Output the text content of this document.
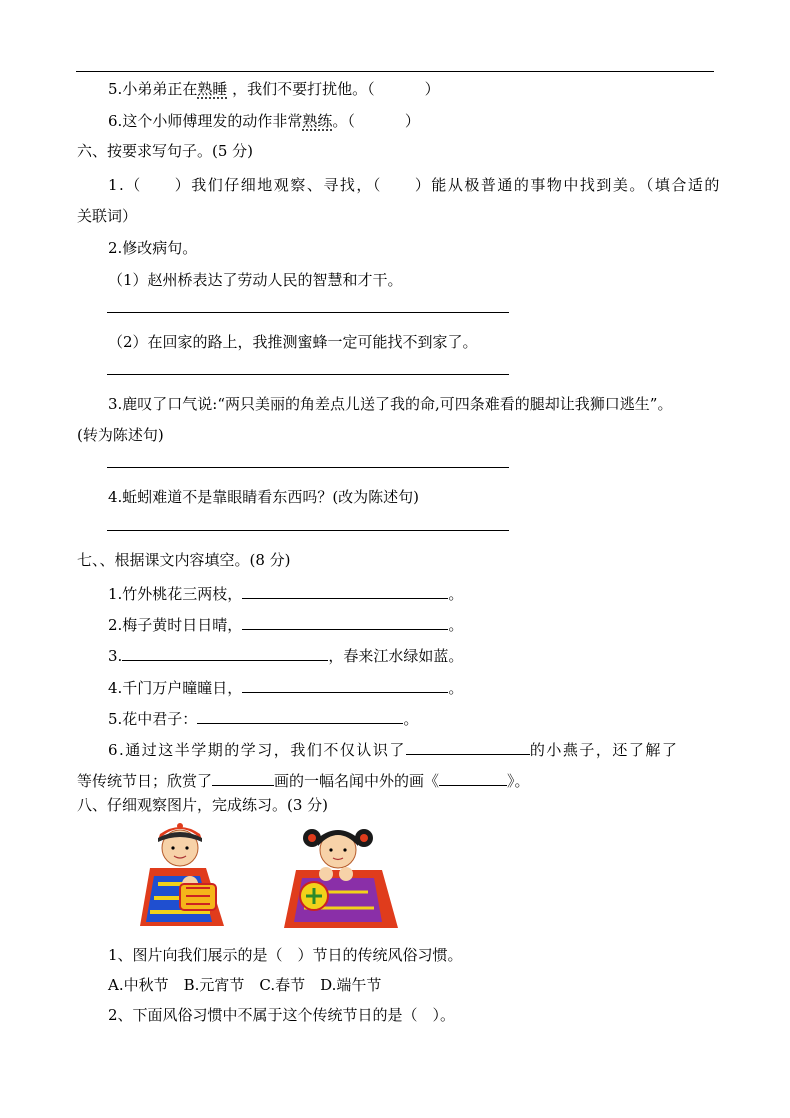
5.小弟弟正在熟睡 ，我们不要打扰他。（	）
6.这个小师傅理发的动作非常熟练。（	）
六、按要求写句子。(5 分)
1.（　　）我们仔细地观察、寻找，（　　）能从极普通的事物中找到美。（填合适的
关联词）
2.修改病句。
（1）赵州桥表达了劳动人民的智慧和才干。
（2）在回家的路上，我推测蜜蜂一定可能找不到家了。
3.鹿叹了口气说:“两只美丽的角差点儿送了我的命,可四条难看的腿却让我狮口逃生”。
(转为陈述句)
4.蚯蚓难道不是靠眼睛看东西吗？(改为陈述句)
七、、根据课文内容填空。(8 分)
1.竹外桃花三两枝，	。
2.梅子黄时日日晴，	。
3.	，春来江水绿如蓝。
4.千门万户曈曈日，	。
5.花中君子：	。
6.通过这半学期的学习，我们不仅认识了	的小燕子，还了解了
等传统节日；欣赏了	画的一幅名闻中外的画《	》。
八、仔细观察图片，完成练习。(3 分)
1、图片向我们展示的是（　）节日的传统风俗习惯。
A.中秋节　B.元宵节　C.春节　D.端午节
2、下面风俗习惯中不属于这个传统节日的是（　）。
